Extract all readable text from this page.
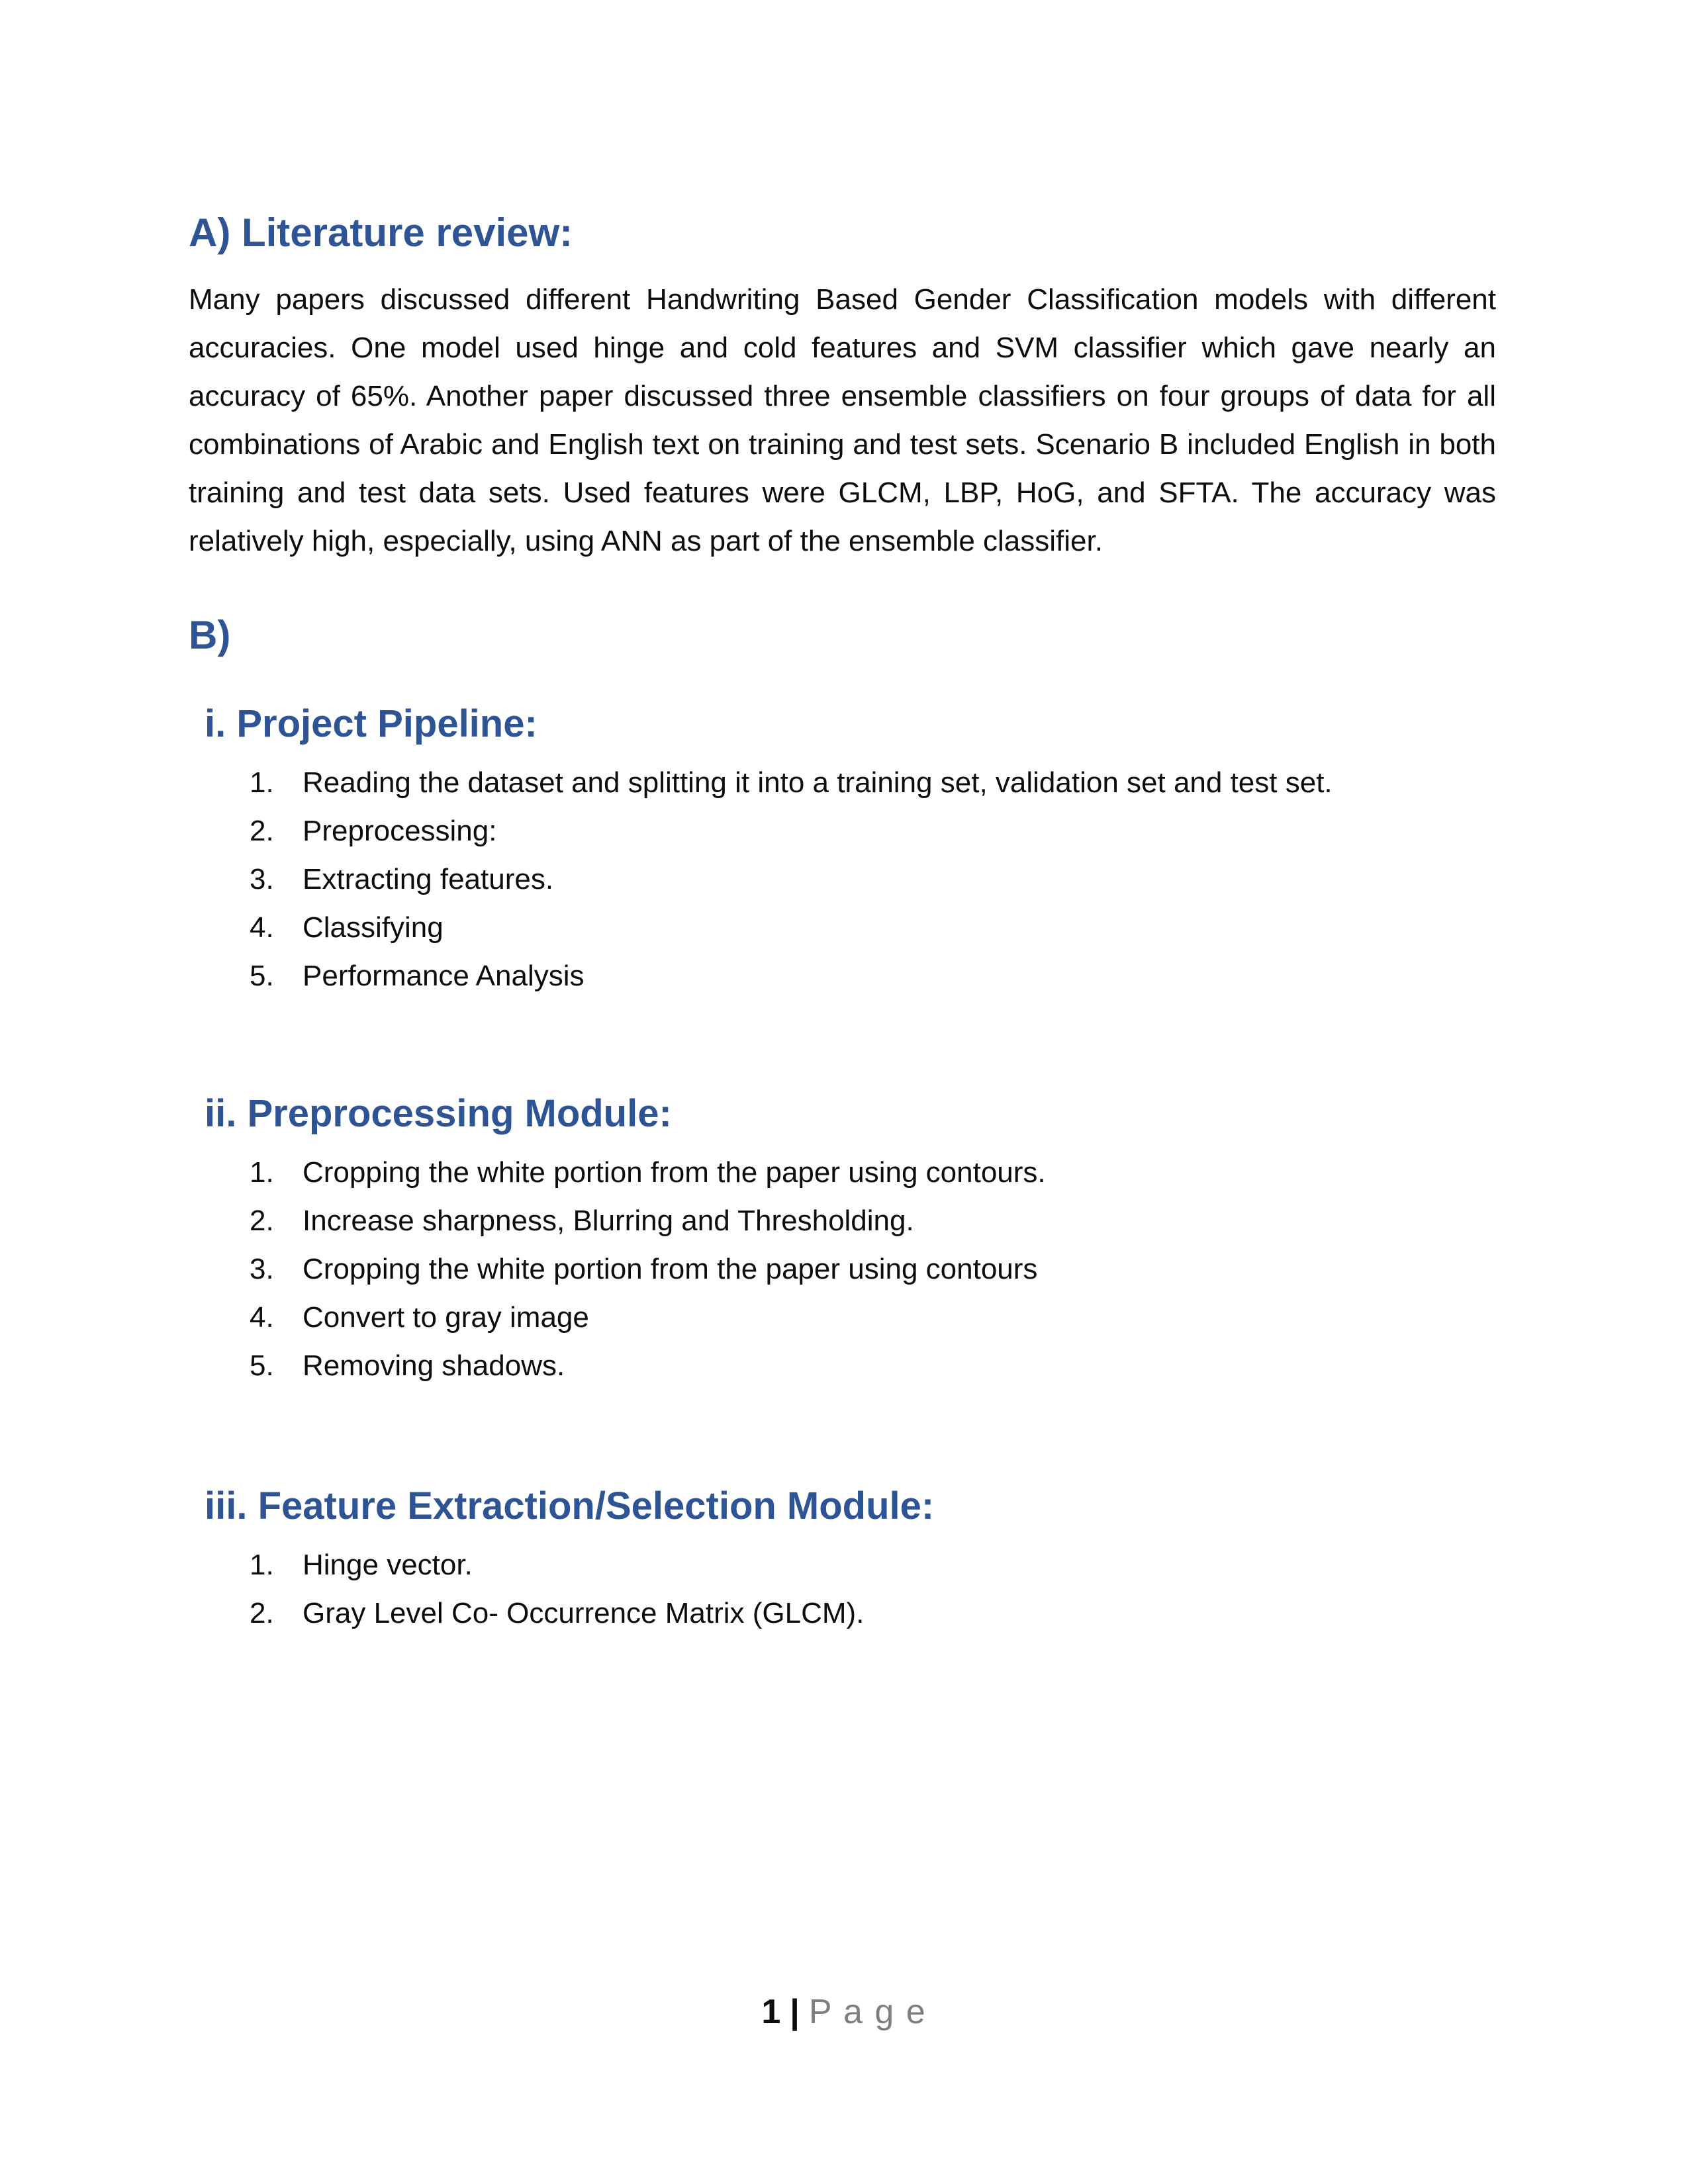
A) Literature review:

Many papers discussed different Handwriting Based Gender Classification models with different accuracies. One model used hinge and cold features and SVM classifier which gave nearly an accuracy of 65%. Another paper discussed three ensemble classifiers on four groups of data for all combinations of Arabic and English text on training and test sets. Scenario B included English in both training and test data sets. Used features were GLCM, LBP, HoG, and SFTA. The accuracy was relatively high, especially, using ANN as part of the ensemble classifier.

B)
i. Project Pipeline:
1. Reading the dataset and splitting it into a training set, validation set and test set.
2. Preprocessing:
3. Extracting features.
4. Classifying
5. Performance Analysis
ii. Preprocessing Module:
1. Cropping the white portion from the paper using contours.
2. Increase sharpness, Blurring and Thresholding.
3. Cropping the white portion from the paper using contours
4. Convert to gray image
5. Removing shadows.
iii. Feature Extraction/Selection Module:
1. Hinge vector.
2. Gray Level Co- Occurrence Matrix (GLCM).
1 | P a g e
